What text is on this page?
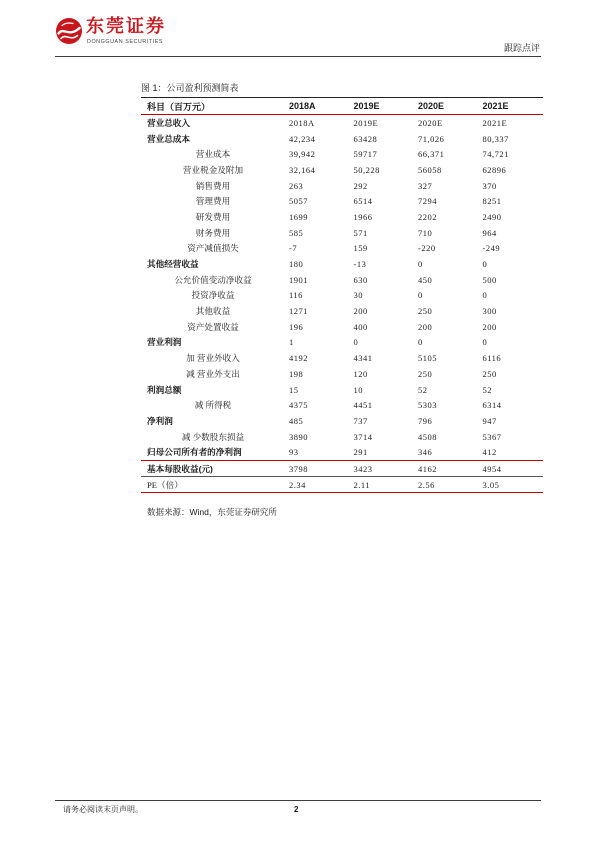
东莞证券
DONGGUAN SECURITIES
跟踪点评
图 1：公司盈利预测简表
科目（百万元）	2018A	2019E	2020E	2021E
营业总收入	2018A	2019E	2020E	2021E
营业总成本	42,234	63428	71,026	80,337
营业成本	39,942	59717	66,371	74,721
营业税金及附加	32,164	50,228	56058	62896
销售费用	263	292	327	370
管理费用	5057	6514	7294	8251
研发费用	1699	1966	2202	2490
财务费用	585	571	710	964
资产减值损失	-7	159	-220	-249
其他经营收益	180	-13	0	0
公允价值变动净收益	1901	630	450	500
投资净收益	116	30	0	0
其他收益	1271	200	250	300
资产处置收益	196	400	200	200
营业利润	1	0	0	0
加 营业外收入	4192	4341	5105	6116
减 营业外支出	198	120	250	250
利润总额	15	10	52	52
减 所得税	4375	4451	5303	6314
净利润	485	737	796	947
减 少数股东损益	3890	3714	4508	5367
归母公司所有者的净利润	93	291	346	412
基本每股收益(元)	3798	3423	4162	4954
PE（倍）	2.34	2.11	2.56	3.05
数据来源：Wind，东莞证券研究所
请务必阅读末页声明。	2
